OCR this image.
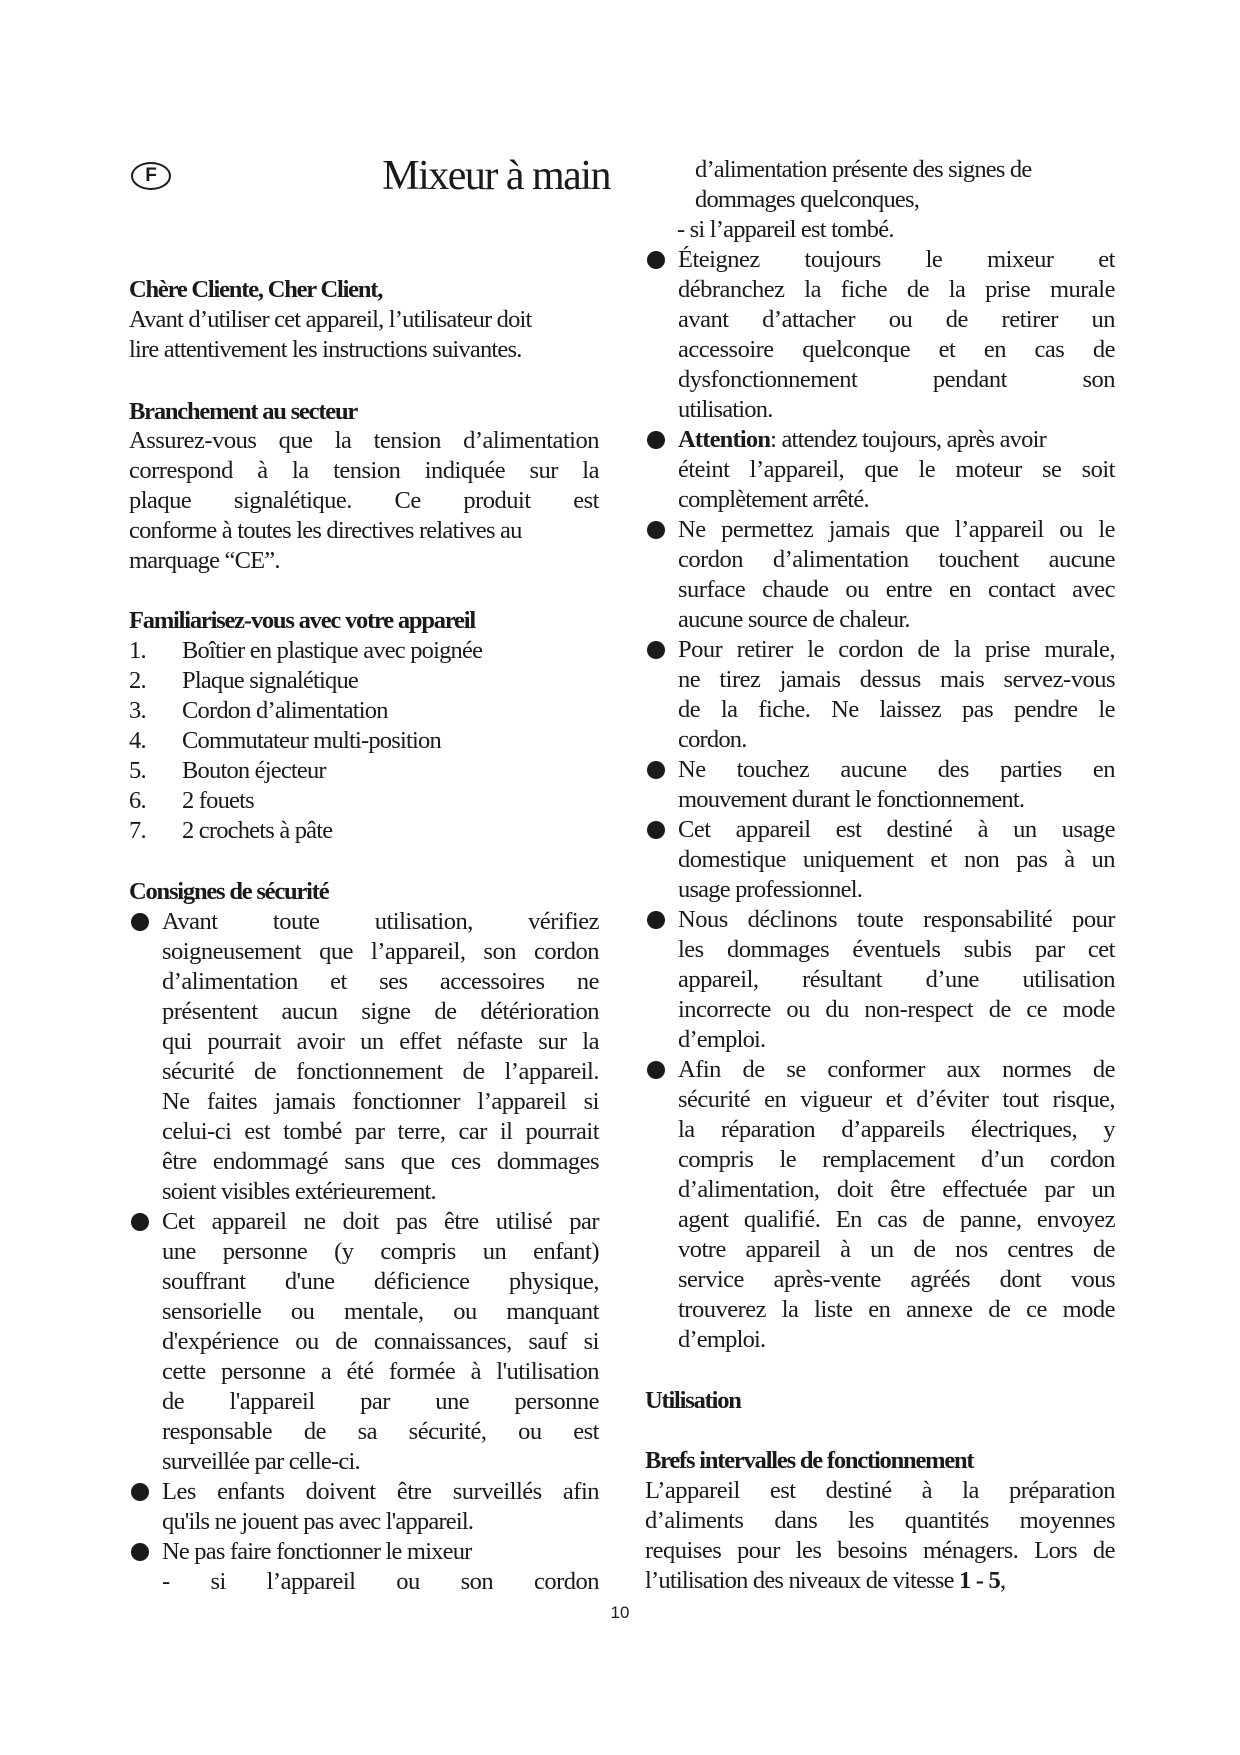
F	Mixeur à main
Chère Cliente, Cher Client,
Avant d’utiliser cet appareil, l’utilisateur doit
lire attentivement les instructions suivantes.
Branchement au secteur
Assurez-vous que la tension d’alimentation
correspond à la tension indiquée sur la
plaque signalétique. Ce produit est
conforme à toutes les directives relatives au
marquage “CE”.
Familiarisez-vous avec votre appareil
1. Boîtier en plastique avec poignée
2. Plaque signalétique
3. Cordon d’alimentation
4. Commutateur multi-position
5. Bouton éjecteur
6. 2 fouets
7. 2 crochets à pâte
Consignes de sécurité
Avant toute utilisation, vérifiez
soigneusement que l’appareil, son cordon
d’alimentation et ses accessoires ne
présentent aucun signe de détérioration
qui pourrait avoir un effet néfaste sur la
sécurité de fonctionnement de l’appareil.
Ne faites jamais fonctionner l’appareil si
celui-ci est tombé par terre, car il pourrait
être endommagé sans que ces dommages
soient visibles extérieurement.
Cet appareil ne doit pas être utilisé par
une personne (y compris un enfant)
souffrant d'une déficience physique,
sensorielle ou mentale, ou manquant
d'expérience ou de connaissances, sauf si
cette personne a été formée à l'utilisation
de l'appareil par une personne
responsable de sa sécurité, ou est
surveillée par celle-ci.
Les enfants doivent être surveillés afin
qu'ils ne jouent pas avec l'appareil.
Ne pas faire fonctionner le mixeur
- si l’appareil ou son cordon
d’alimentation présente des signes de
dommages quelconques,
- si l’appareil est tombé.
Éteignez toujours le mixeur et
débranchez la fiche de la prise murale
avant d’attacher ou de retirer un
accessoire quelconque et en cas de
dysfonctionnement pendant son
utilisation.
Attention: attendez toujours, après avoir
éteint l’appareil, que le moteur se soit
complètement arrêté.
Ne permettez jamais que l’appareil ou le
cordon d’alimentation touchent aucune
surface chaude ou entre en contact avec
aucune source de chaleur.
Pour retirer le cordon de la prise murale,
ne tirez jamais dessus mais servez-vous
de la fiche. Ne laissez pas pendre le
cordon.
Ne touchez aucune des parties en
mouvement durant le fonctionnement.
Cet appareil est destiné à un usage
domestique uniquement et non pas à un
usage professionnel.
Nous déclinons toute responsabilité pour
les dommages éventuels subis par cet
appareil, résultant d’une utilisation
incorrecte ou du non-respect de ce mode
d’emploi.
Afin de se conformer aux normes de
sécurité en vigueur et d’éviter tout risque,
la réparation d’appareils électriques, y
compris le remplacement d’un cordon
d’alimentation, doit être effectuée par un
agent qualifié. En cas de panne, envoyez
votre appareil à un de nos centres de
service après-vente agréés dont vous
trouverez la liste en annexe de ce mode
d’emploi.
Utilisation
Brefs intervalles de fonctionnement
L’appareil est destiné à la préparation
d’aliments dans les quantités moyennes
requises pour les besoins ménagers. Lors de
l’utilisation des niveaux de vitesse 1 - 5,
10
